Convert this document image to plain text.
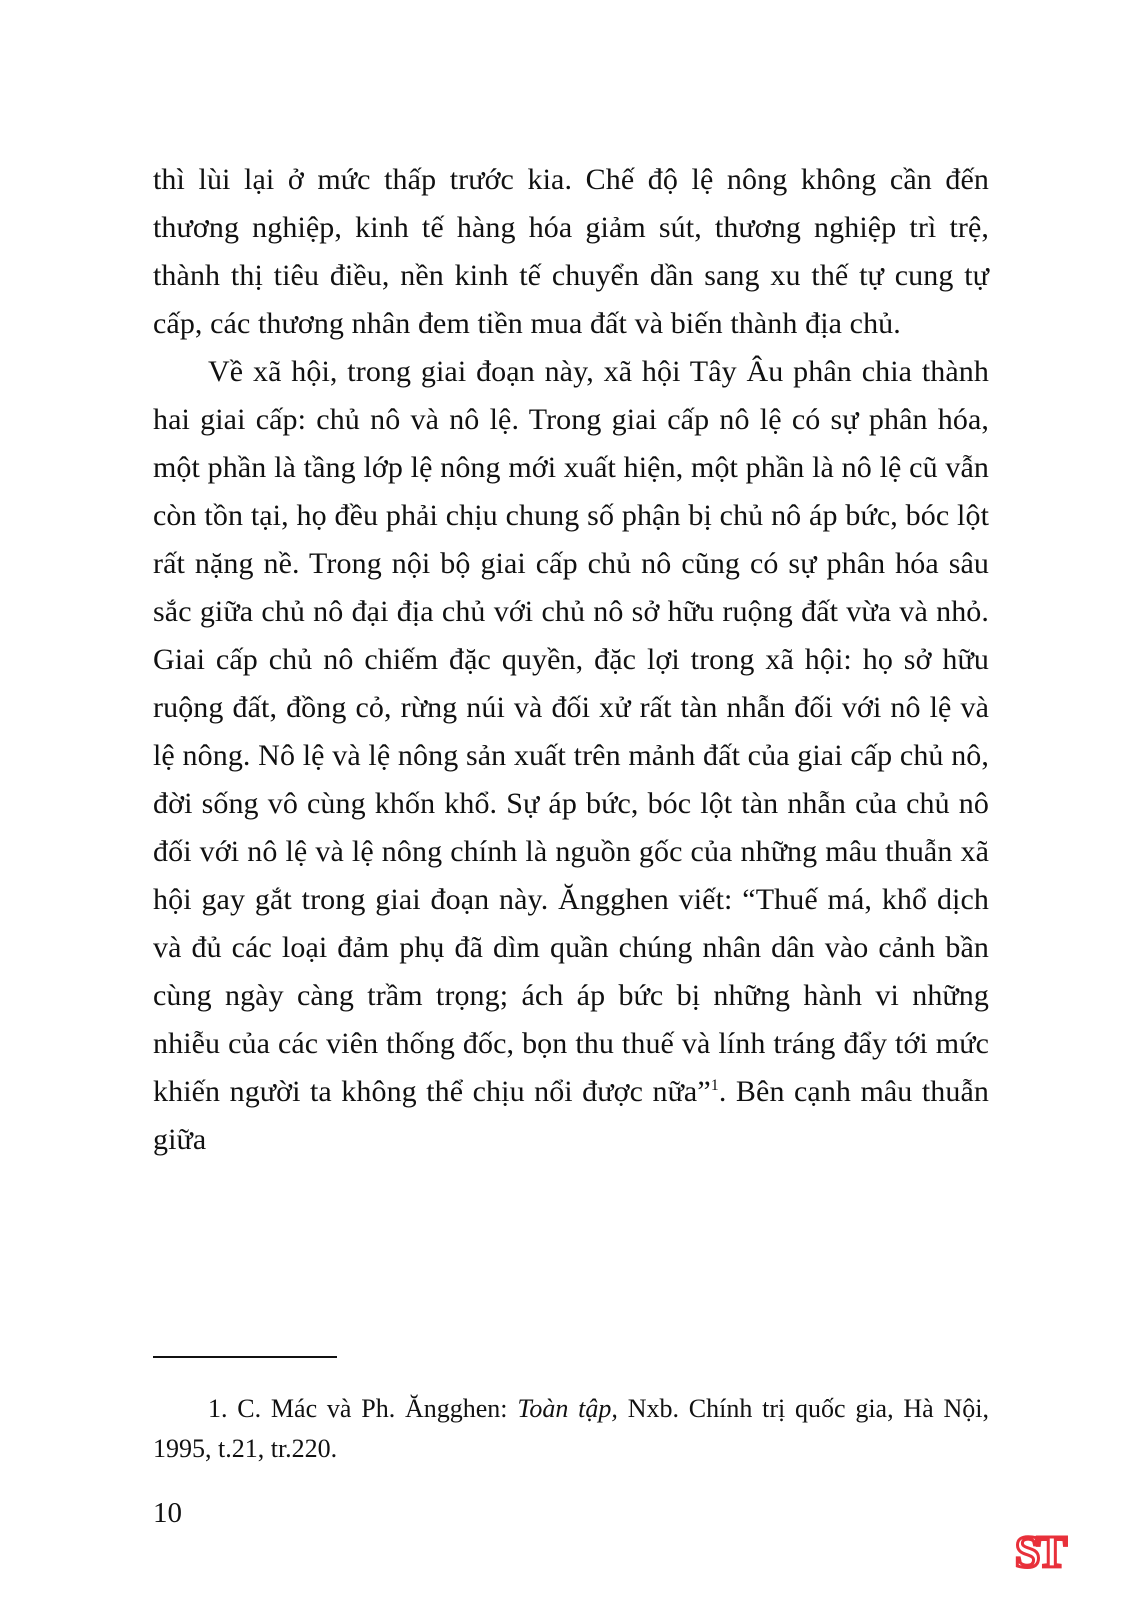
thì lùi lại ở mức thấp trước kia. Chế độ lệ nông không cần đến thương nghiệp, kinh tế hàng hóa giảm sút, thương nghiệp trì trệ, thành thị tiêu điều, nền kinh tế chuyển dần sang xu thế tự cung tự cấp, các thương nhân đem tiền mua đất và biến thành địa chủ.

Về xã hội, trong giai đoạn này, xã hội Tây Âu phân chia thành hai giai cấp: chủ nô và nô lệ. Trong giai cấp nô lệ có sự phân hóa, một phần là tầng lớp lệ nông mới xuất hiện, một phần là nô lệ cũ vẫn còn tồn tại, họ đều phải chịu chung số phận bị chủ nô áp bức, bóc lột rất nặng nề. Trong nội bộ giai cấp chủ nô cũng có sự phân hóa sâu sắc giữa chủ nô đại địa chủ với chủ nô sở hữu ruộng đất vừa và nhỏ. Giai cấp chủ nô chiếm đặc quyền, đặc lợi trong xã hội: họ sở hữu ruộng đất, đồng cỏ, rừng núi và đối xử rất tàn nhẫn đối với nô lệ và lệ nông. Nô lệ và lệ nông sản xuất trên mảnh đất của giai cấp chủ nô, đời sống vô cùng khốn khổ. Sự áp bức, bóc lột tàn nhẫn của chủ nô đối với nô lệ và lệ nông chính là nguồn gốc của những mâu thuẫn xã hội gay gắt trong giai đoạn này. Ăngghen viết: “Thuế má, khổ dịch và đủ các loại đảm phụ đã dìm quần chúng nhân dân vào cảnh bần cùng ngày càng trầm trọng; ách áp bức bị những hành vi những nhiễu của các viên thống đốc, bọn thu thuế và lính tráng đẩy tới mức khiến người ta không thể chịu nổi được nữa”$^1$. Bên cạnh mâu thuẫn giữa

1. C. Mác và Ph. Ăngghen: Toàn tập, Nxb. Chính trị quốc gia, Hà Nội, 1995, t.21, tr.220.

10
ST
